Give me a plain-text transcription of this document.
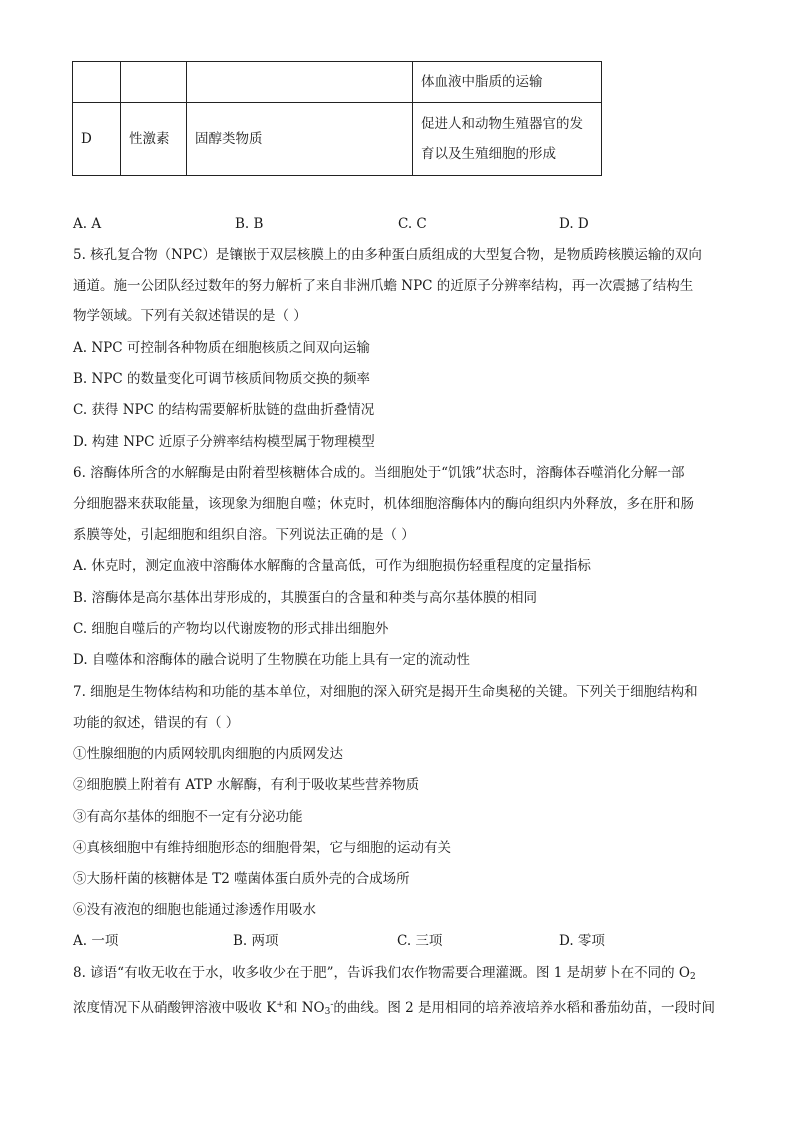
			体血液中脂质的运输
D	性激素	固醇类物质	促进人和动物生殖器官的发
育以及生殖细胞的形成
A. A	B. B	C. C	D. D
5. 核孔复合物（NPC）是镶嵌于双层核膜上的由多种蛋白质组成的大型复合物，是物质跨核膜运输的双向
通道。施一公团队经过数年的努力解析了来自非洲爪蟾 NPC 的近原子分辨率结构，再一次震撼了结构生
物学领域。下列有关叙述错误的是（ ）
A. NPC 可控制各种物质在细胞核质之间双向运输
B. NPC 的数量变化可调节核质间物质交换的频率
C. 获得 NPC 的结构需要解析肽链的盘曲折叠情况
D. 构建 NPC 近原子分辨率结构模型属于物理模型
6. 溶酶体所含的水解酶是由附着型核糖体合成的。当细胞处于“饥饿”状态时，溶酶体吞噬消化分解一部
分细胞器来获取能量，该现象为细胞自噬；休克时，机体细胞溶酶体内的酶向组织内外释放，多在肝和肠
系膜等处，引起细胞和组织自溶。下列说法正确的是（ ）
A. 休克时，测定血液中溶酶体水解酶的含量高低，可作为细胞损伤轻重程度的定量指标
B. 溶酶体是高尔基体出芽形成的，其膜蛋白的含量和种类与高尔基体膜的相同
C. 细胞自噬后的产物均以代谢废物的形式排出细胞外
D. 自噬体和溶酶体的融合说明了生物膜在功能上具有一定的流动性
7. 细胞是生物体结构和功能的基本单位，对细胞的深入研究是揭开生命奥秘的关键。下列关于细胞结构和
功能的叙述，错误的有（ ）
①性腺细胞的内质网较肌肉细胞的内质网发达
②细胞膜上附着有 ATP 水解酶，有利于吸收某些营养物质
③有高尔基体的细胞不一定有分泌功能
④真核细胞中有维持细胞形态的细胞骨架，它与细胞的运动有关
⑤大肠杆菌的核糖体是 T2 噬菌体蛋白质外壳的合成场所
⑥没有液泡的细胞也能通过渗透作用吸水
A. 一项	B. 两项	C. 三项	D. 零项
8. 谚语“有收无收在于水，收多收少在于肥”，告诉我们农作物需要合理灌溉。图 1 是胡萝卜在不同的 $O_2$
浓度情况下从硝酸钾溶液中吸收 K+和 $NO_3^-$的曲线。图 2 是用相同的培养液培养水稻和番茄幼苗，一段时间
